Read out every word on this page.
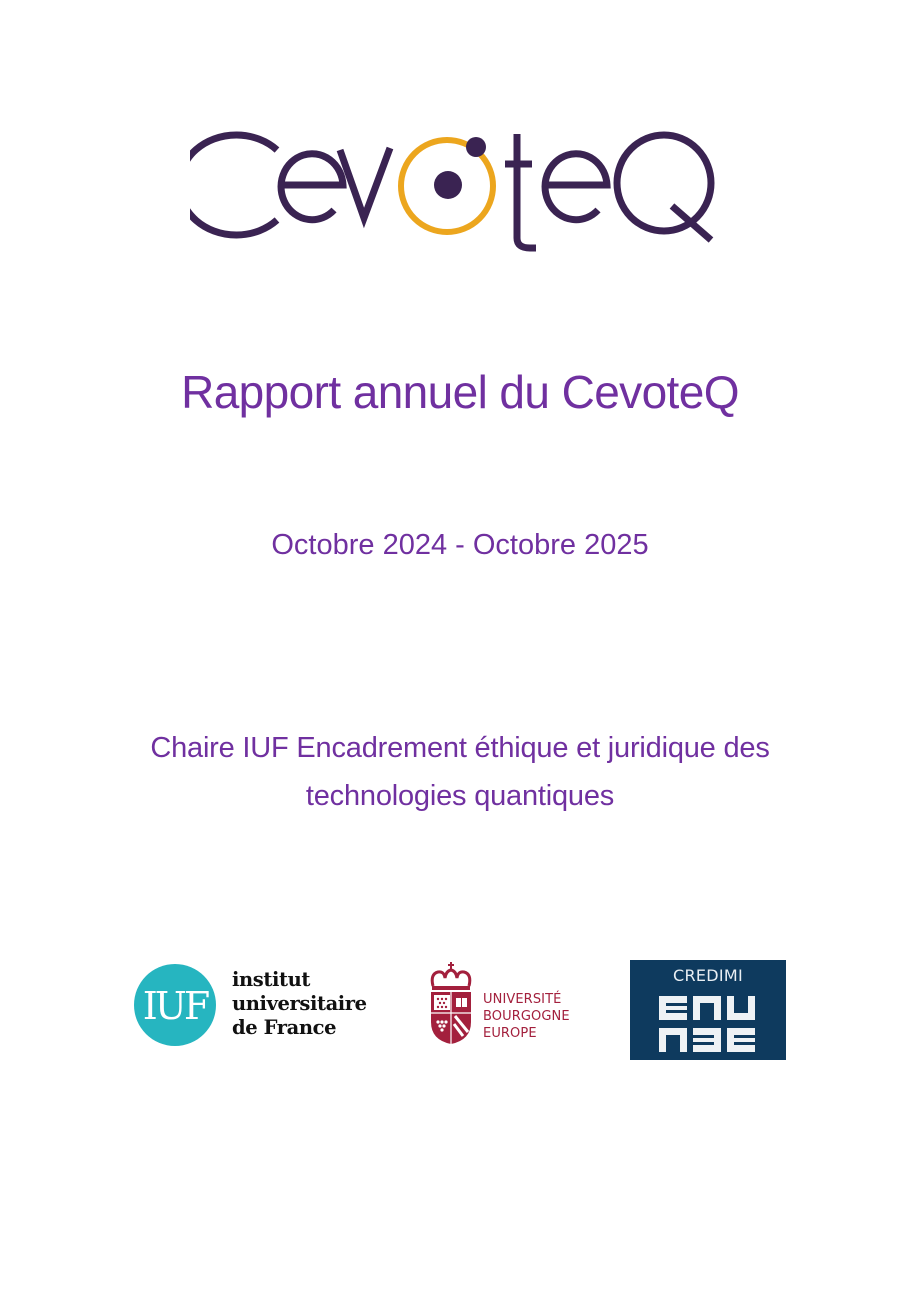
Rapport annuel du CevoteQ
Octobre 2024 - Octobre 2025
Chaire IUF Encadrement éthique et juridique des
technologies quantiques
IUF
institut
universitaire
de France
UNIVERSITÉ
BOURGOGNE
EUROPE
CREDIMI
